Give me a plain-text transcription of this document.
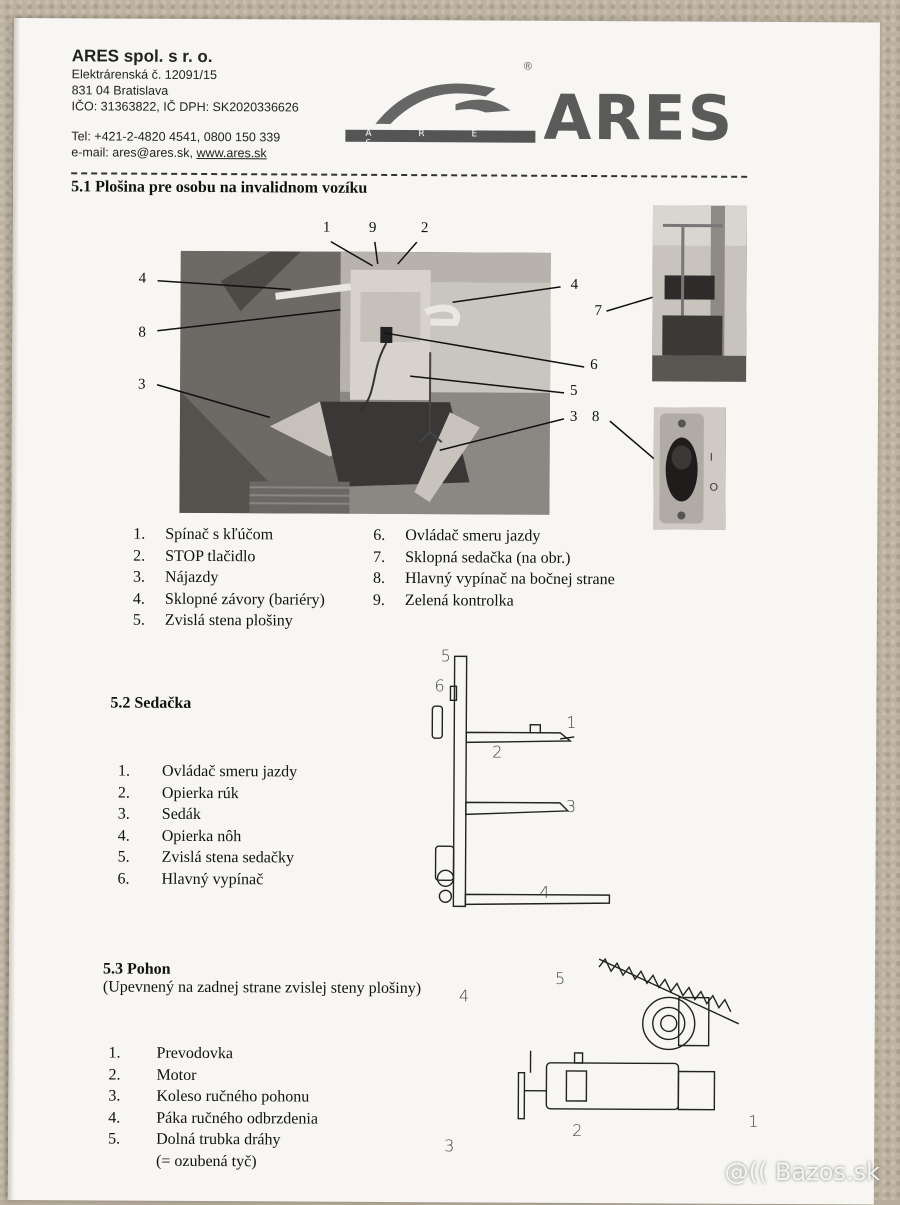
ARES spol. s r. o.
Elektrárenská č. 12091/15
831 04 Bratislava
IČO: 31363822, IČ DPH: SK2020336626
Tel: +421-2-4820 4541, 0800 150 339
e-mail: ares@ares.sk, www.ares.sk
A R E S
®
ARES
5.1 Plošina pre osobu na invalidnom vozíku
1	9	2
4	4
8
6
3	5
3 8
7
I
O
1.	Spínač s kľúčom
2.	STOP tlačidlo
3.	Nájazdy
4.	Sklopné závory (bariéry)
5.	Zvislá stena plošiny
6.	Ovládač smeru jazdy
7.	Sklopná sedačka (na obr.)
8.	Hlavný vypínač na bočnej strane
9.	Zelená kontrolka
5.2 Sedačka
1.	Ovládač smeru jazdy
2.	Opierka rúk
3.	Sedák
4.	Opierka nôh
5.	Zvislá stena sedačky
6.	Hlavný vypínač
5
6
1
2
3
4
5.3 Pohon
(Upevnený na zadnej strane zvislej steny plošiny)
1.	Prevodovka
2.	Motor
3.	Koleso ručného pohonu
4.	Páka ručného odbrzdenia
5.	Dolná trubka dráhy
(= ozubená tyč)
4
5
2	1
3
@(( Bazos.sk
